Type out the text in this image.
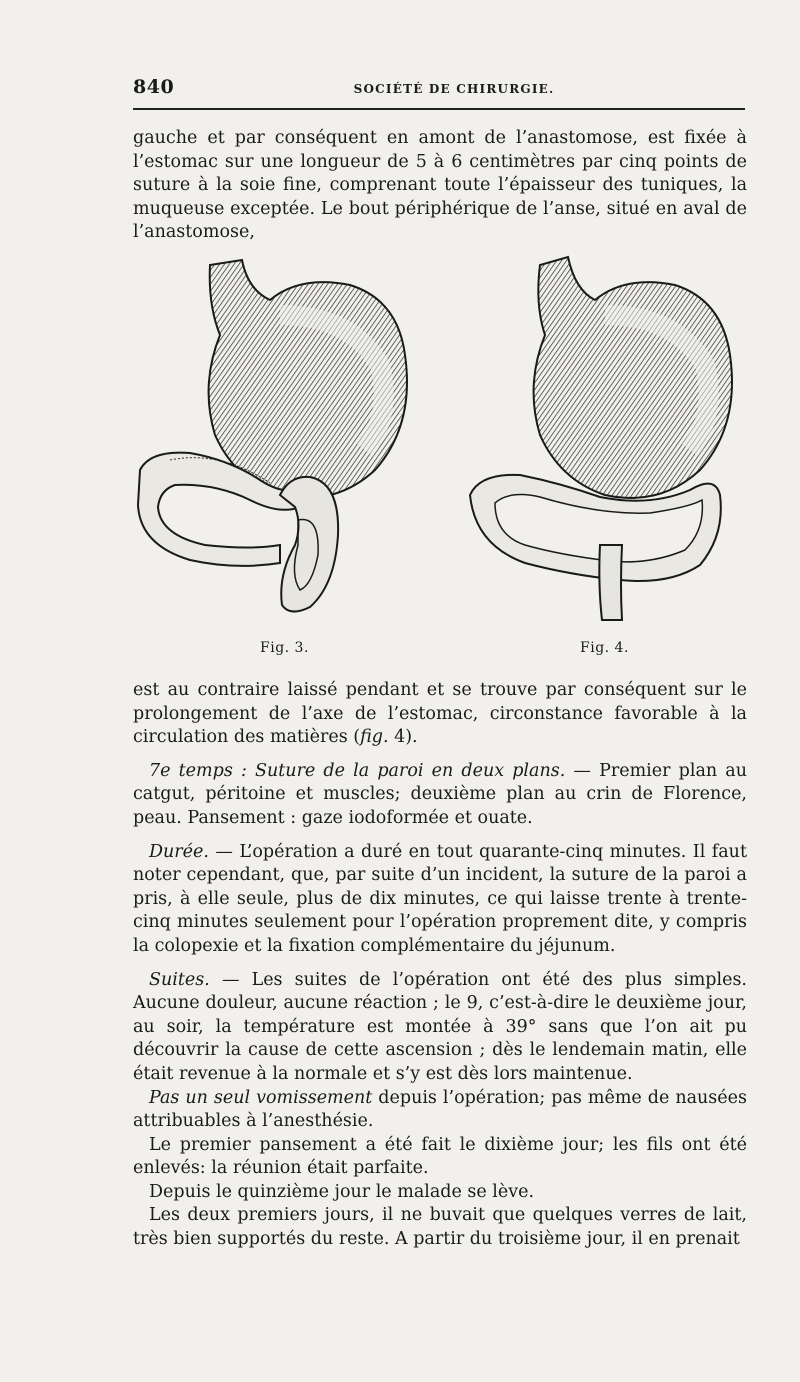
840	SOCIÉTÉ DE CHIRURGIE.

gauche et par conséquent en amont de l’anastomose, est fixée à l’estomac sur une longueur de 5 à 6 centimètres par cinq points de suture à la soie fine, comprenant toute l’épaisseur des tuniques, la muqueuse exceptée. Le bout périphérique de l’anse, situé en aval de l’anastomose,

Fig. 3.	Fig. 4.

est au contraire laissé pendant et se trouve par conséquent sur le prolongement de l’axe de l’estomac, circonstance favorable à la circulation des matières (fig. 4).

7e temps : Suture de la paroi en deux plans. — Premier plan au catgut, péritoine et muscles; deuxième plan au crin de Florence, peau. Pansement : gaze iodoformée et ouate.

Durée. — L’opération a duré en tout quarante-cinq minutes. Il faut noter cependant, que, par suite d’un incident, la suture de la paroi a pris, à elle seule, plus de dix minutes, ce qui laisse trente à trente-cinq minutes seulement pour l’opération proprement dite, y compris la colopexie et la fixation complémentaire du jéjunum.

Suites. — Les suites de l’opération ont été des plus simples. Aucune douleur, aucune réaction ; le 9, c’est-à-dire le deuxième jour, au soir, la température est montée à 39° sans que l’on ait pu découvrir la cause de cette ascension ; dès le lendemain matin, elle était revenue à la normale et s’y est dès lors maintenue.

Pas un seul vomissement depuis l’opération; pas même de nausées attribuables à l’anesthésie.

Le premier pansement a été fait le dixième jour; les fils ont été enlevés: la réunion était parfaite.

Depuis le quinzième jour le malade se lève.

Les deux premiers jours, il ne buvait que quelques verres de lait, très bien supportés du reste. A partir du troisième jour, il en prenait
